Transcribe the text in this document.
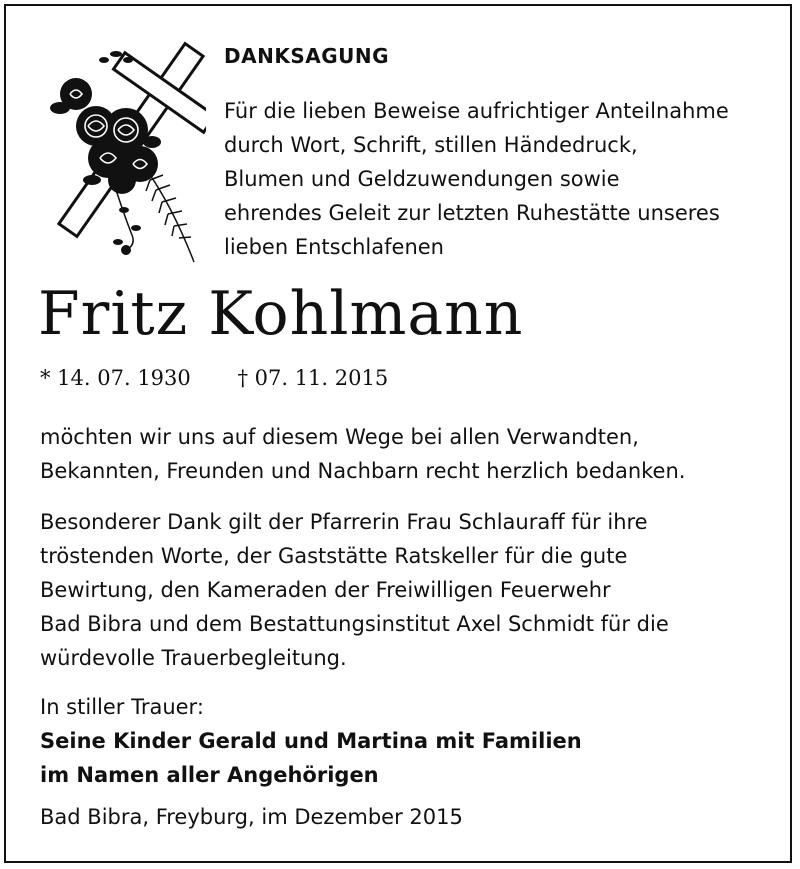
DANKSAGUNG

Für die lieben Beweise aufrichtiger Anteilnahme
durch Wort, Schrift, stillen Händedruck,
Blumen und Geldzuwendungen sowie
ehrendes Geleit zur letzten Ruhestätte unseres
lieben Entschlafenen

Fritz Kohlmann
* 14. 07. 1930 † 07. 11. 2015

möchten wir uns auf diesem Wege bei allen Verwandten,
Bekannten, Freunden und Nachbarn recht herzlich bedanken.

Besonderer Dank gilt der Pfarrerin Frau Schlauraff für ihre
tröstenden Worte, der Gaststätte Ratskeller für die gute
Bewirtung, den Kameraden der Freiwilligen Feuerwehr
Bad Bibra und dem Bestattungsinstitut Axel Schmidt für die
würdevolle Trauerbegleitung.

In stiller Trauer:
Seine Kinder Gerald und Martina mit Familien
im Namen aller Angehörigen

Bad Bibra, Freyburg, im Dezember 2015
